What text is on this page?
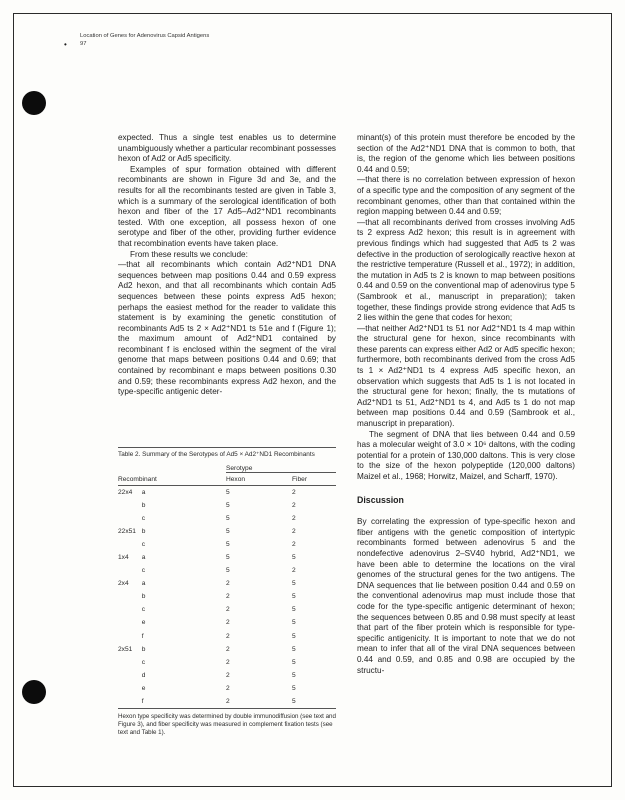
•
Location of Genes for Adenovirus Capsid Antigens
97

expected. Thus a single test enables us to determine unambiguously whether a particular recombinant possesses hexon of Ad2 or Ad5 specificity.

Examples of spur formation obtained with different recombinants are shown in Figure 3d and 3e, and the results for all the recombinants tested are given in Table 3, which is a summary of the serological identification of both hexon and fiber of the 17 Ad5–Ad2⁺ND1 recombinants tested. With one exception, all possess hexon of one serotype and fiber of the other, providing further evidence that recombination events have taken place.

From these results we conclude:

—that all recombinants which contain Ad2⁺ND1 DNA sequences between map positions 0.44 and 0.59 express Ad2 hexon, and that all recombinants which contain Ad5 sequences between these points express Ad5 hexon; perhaps the easiest method for the reader to validate this statement is by examining the genetic constitution of recombinants Ad5 ts 2 × Ad2⁺ND1 ts 51e and f (Figure 1); the maximum amount of Ad2⁺ND1 contained by recombinant f is enclosed within the segment of the viral genome that maps between positions 0.44 and 0.69; that contained by recombinant e maps between positions 0.30 and 0.59; these recombinants express Ad2 hexon, and the type-specific antigenic deter-

Table 2. Summary of the Serotypes of Ad5 × Ad2⁺ND1 Recombinants
		Serotype	
Recombinant		Hexon	Fiber
22x4	a	5	2
	b	5	2
	c	5	2
22x51	b	5	2
	c	5	2
1x4	a	5	5
	c	5	2
2x4	a	2	5
	b	2	5
	c	2	5
	e	2	5
	f	2	5
2x51	b	2	5
	c	2	5
	d	2	5
	e	2	5
	f	2	5
Hexon type specificity was determined by double immunodiffusion (see text and Figure 3), and fiber specificity was measured in complement fixation tests (see text and Table 1).

minant(s) of this protein must therefore be encoded by the section of the Ad2⁺ND1 DNA that is common to both, that is, the region of the genome which lies between positions 0.44 and 0.59;

—that there is no correlation between expression of hexon of a specific type and the composition of any segment of the recombinant genomes, other than that contained within the region mapping between 0.44 and 0.59;

—that all recombinants derived from crosses involving Ad5 ts 2 express Ad2 hexon; this result is in agreement with previous findings which had suggested that Ad5 ts 2 was defective in the production of serologically reactive hexon at the restrictive temperature (Russell et al., 1972); in addition, the mutation in Ad5 ts 2 is known to map between positions 0.44 and 0.59 on the conventional map of adenovirus type 5 (Sambrook et al., manuscript in preparation); taken together, these findings provide strong evidence that Ad5 ts 2 lies within the gene that codes for hexon;

—that neither Ad2⁺ND1 ts 51 nor Ad2⁺ND1 ts 4 map within the structural gene for hexon, since recombinants with these parents can express either Ad2 or Ad5 specific hexon; furthermore, both recombinants derived from the cross Ad5 ts 1 × Ad2⁺ND1 ts 4 express Ad5 specific hexon, an observation which suggests that Ad5 ts 1 is not located in the structural gene for hexon; finally, the ts mutations of Ad2⁺ND1 ts 51, Ad2⁺ND1 ts 4, and Ad5 ts 1 do not map between map positions 0.44 and 0.59 (Sambrook et al., manuscript in preparation).

The segment of DNA that lies between 0.44 and 0.59 has a molecular weight of 3.0 × 10⁶ daltons, with the coding potential for a protein of 130,000 daltons. This is very close to the size of the hexon polypeptide (120,000 daltons) Maizel et al., 1968; Horwitz, Maizel, and Scharff, 1970).

Discussion

By correlating the expression of type-specific hexon and fiber antigens with the genetic composition of intertypic recombinants formed between adenovirus 5 and the nondefective adenovirus 2–SV40 hybrid, Ad2⁺ND1, we have been able to determine the locations on the viral genomes of the structural genes for the two antigens. The DNA sequences that lie between position 0.44 and 0.59 on the conventional adenovirus map must include those that code for the type-specific antigenic determinant of hexon; the sequences between 0.85 and 0.98 must specify at least that part of the fiber protein which is responsible for type-specific antigenicity. It is important to note that we do not mean to infer that all of the viral DNA sequences between 0.44 and 0.59, and 0.85 and 0.98 are occupied by the structu-
